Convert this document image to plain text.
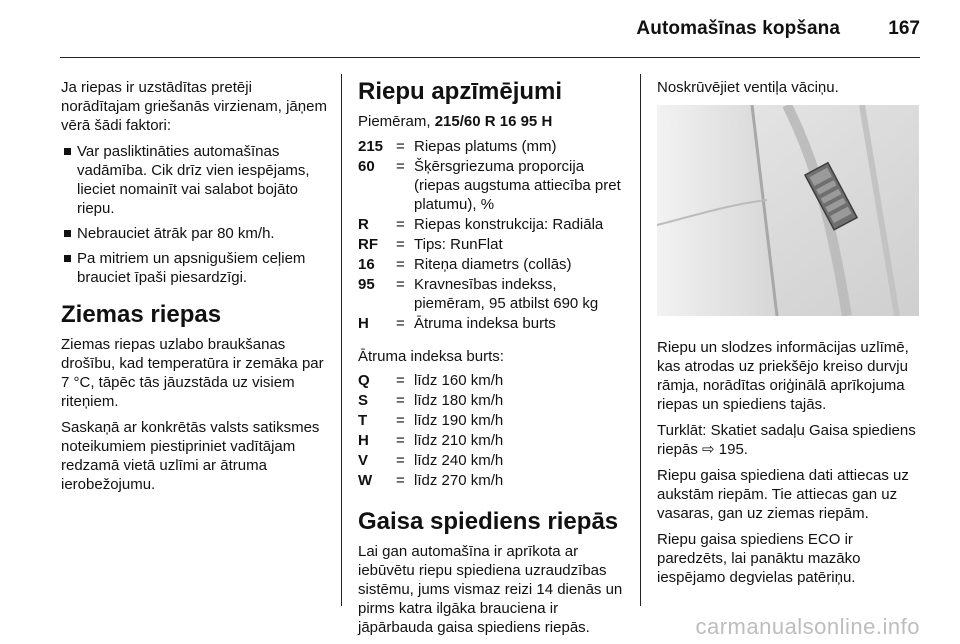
Automašīnas kopšana	167

Ja riepas ir uzstādītas pretēji norādītajam griešanās virzienam, jāņem vērā šādi faktori:

Var pasliktināties automašīnas vadāmība. Cik drīz vien iespējams, lieciet nomainīt vai salabot bojāto riepu.
Nebrauciet ātrāk par 80 km/h.
Pa mitriem un apsnigušiem ceļiem brauciet īpaši piesardzīgi.
Ziemas riepas

Ziemas riepas uzlabo braukšanas drošību, kad temperatūra ir zemāka par 7 °C, tāpēc tās jāuzstāda uz visiem riteņiem.

Saskaņā ar konkrētās valsts satiksmes noteikumiem piestipriniet vadītājam redzamā vietā uzlīmi ar ātruma ierobežojumu.

Riepu apzīmējumi
Piemēram, 215/60 R 16 95 H
215 = Riepas platums (mm)
60	= Šķērsgriezuma proporcija (riepas augstuma attiecība pret platumu), %
R	= Riepas konstrukcija: Radiāla
RF	= Tips: RunFlat
16	= Riteņa diametrs (collās)
95	= Kravnesības indekss, piemēram, 95 atbilst 690 kg
H	= Ātruma indeksa burts

Ātruma indeksa burts:

Q	= līdz 160 km/h
S	= līdz 180 km/h
T	= līdz 190 km/h
H	= līdz 210 km/h
V	= līdz 240 km/h
W	= līdz 270 km/h
Gaisa spiediens riepās

Lai gan automašīna ir aprīkota ar iebūvētu riepu spiediena uzraudzības sistēmu, jums vismaz reizi 14 dienās un pirms katra ilgāka brauciena ir jāpārbauda gaisa spiediens riepās.

Noskrūvējiet ventiļa vāciņu.

Riepu un slodzes informācijas uzlīmē, kas atrodas uz priekšējo kreiso durvju rāmja, norādītas oriģinālā aprīkojuma riepas un spiediens tajās.

Turklāt: Skatiet sadaļu Gaisa spiediens riepās ⇨ 195.

Riepu gaisa spiediena dati attiecas uz aukstām riepām. Tie attiecas gan uz vasaras, gan uz ziemas riepām.

Riepu gaisa spiediens ECO ir paredzēts, lai panāktu mazāko iespējamo degvielas patēriņu.

carmanualsonline.info
